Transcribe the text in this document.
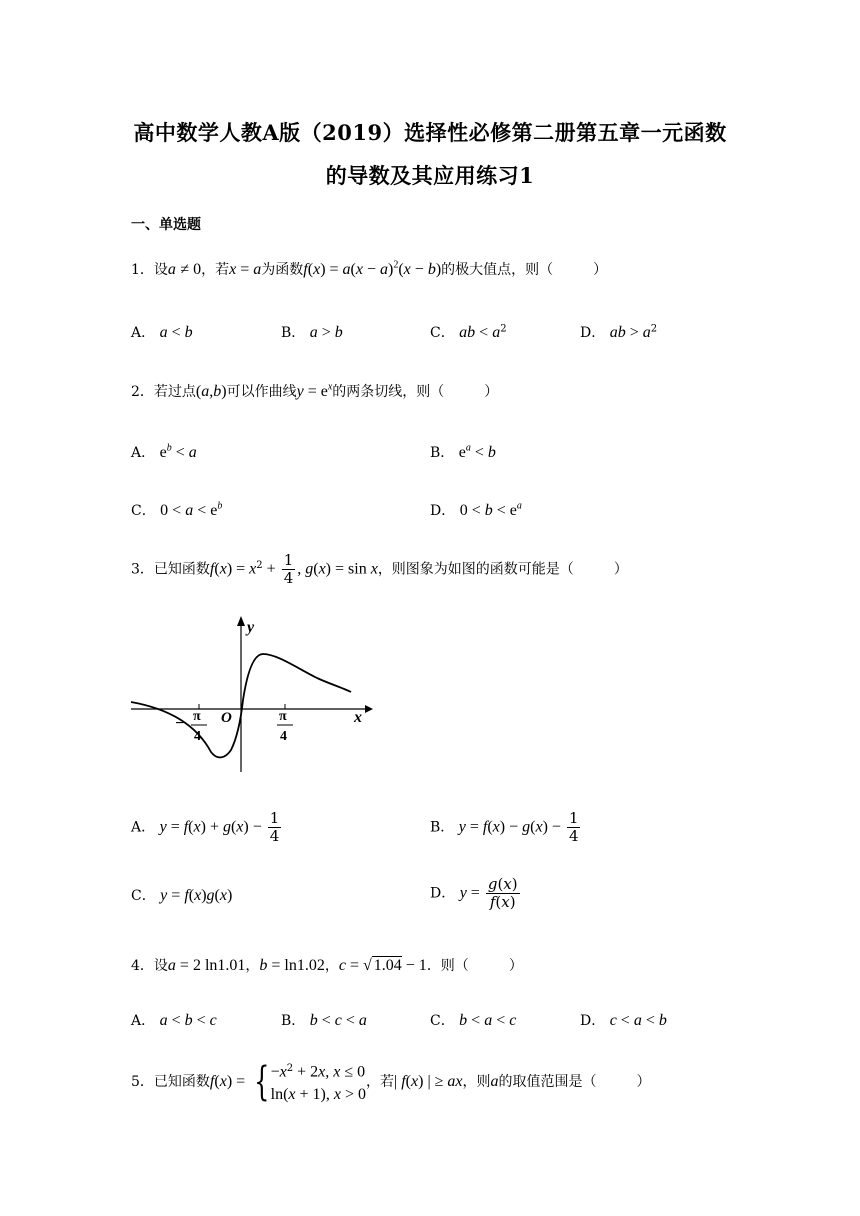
高中数学人教A版（2019）选择性必修第二册第五章一元函数
的导数及其应用练习1
一、单选题
1．设a ≠ 0，若x = a为函数$f(x) = a(x - a)^2(x - b)$的极大值点，则（	）
A． a < b	B． a > b	C． ab < $a^2$	D． ab > $a^2$
2．若过点(a,b)可以作曲线$y = e^x$的两条切线，则（	）
A． $e^b < a$	B． $e^a < b$
C． $0 < a < e^b$	D． $0 < b < e^a$
3．已知函数$f(x) = x^2 + \frac{1}{4}$ , g(x) = sin x，则图象为如图的函数可能是（	）
y
x
O
− π
4
π
4
A． $y = f(x) + g(x) - \frac{1}{4}$	B． $y = f(x) - g(x) - \frac{1}{4}$
C． y = f(x)g(x)	D． $y = \frac{g(x)}{f(x)}$
4．设a = 2 ln1.01，b = ln1.02，c = √ 1.04 − 1．则（	）
A． a < b < c	B． b < c < a	C． b < a < c	D． c < a < b
5．已知函数f(x) = { $-x^2 + 2x$, x ≤ 0
ln(x + 1), x > 0
，若| f(x) | ≥ ax，则a的取值范围是（	）
